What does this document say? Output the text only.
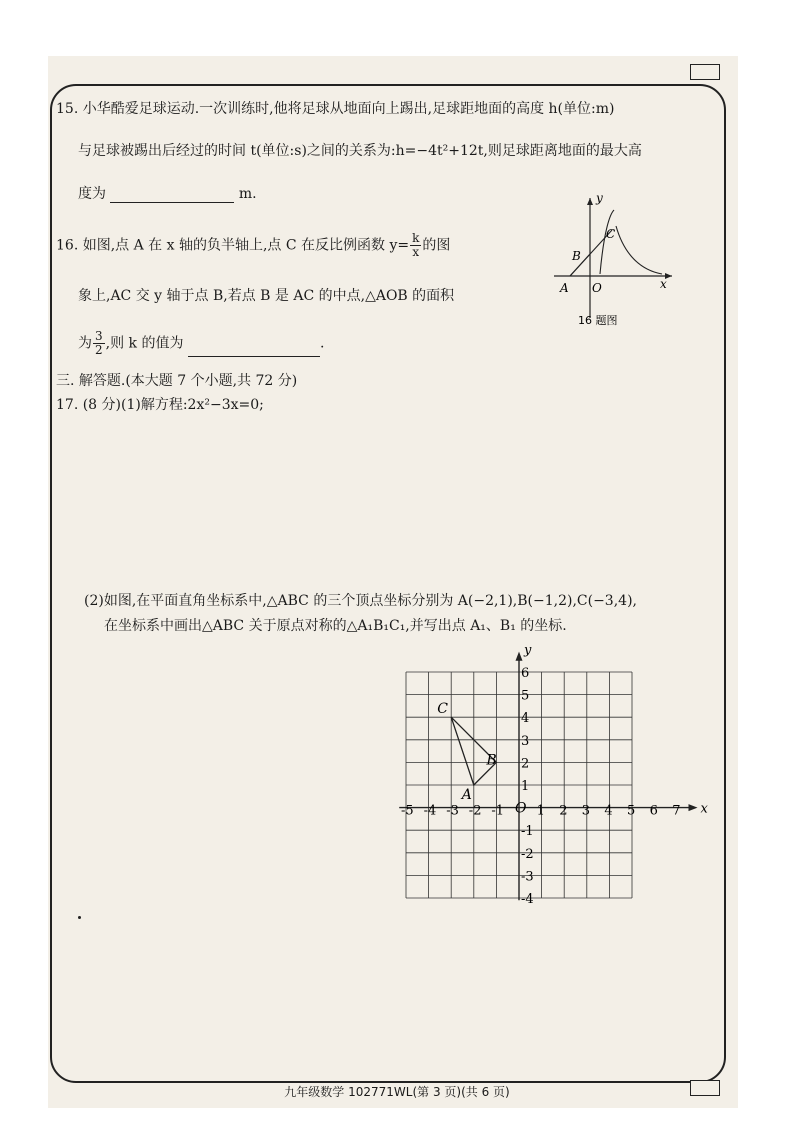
15. 小华酷爱足球运动.一次训练时,他将足球从地面向上踢出,足球距地面的高度 h(单位:m)
与足球被踢出后经过的时间 t(单位:s)之间的关系为:h=−4t²+12t,则足球距离地面的最大高
度为	m.
16. 如图,点 A 在 x 轴的负半轴上,点 C 在反比例函数 $y= \frac{k}{x}$ 的图
象上,AC 交 y 轴于点 B,若点 B 是 AC 的中点,△AOB 的面积
为 $\frac{3}{2}$ ,则 k 的值为	.
y
x
A O
B
C
16 题图
三. 解答题.(本大题 7 个小题,共 72 分)
17. (8 分)(1)解方程:2x²−3x=0;
(2)如图,在平面直角坐标系中,△ABC 的三个顶点坐标分别为 A(−2,1),B(−1,2),C(−3,4),
在坐标系中画出△ABC 关于原点对称的△A₁B₁C₁,并写出点 A₁、B₁ 的坐标.
-5 -4 -3 -2 -1	1 2 3 4 5 6 7
6
5
4
3
2
1
-1
-2
-3
-4
A
B
C
O	x
y
九年级数学 102771WL(第 3 页)(共 6 页)
